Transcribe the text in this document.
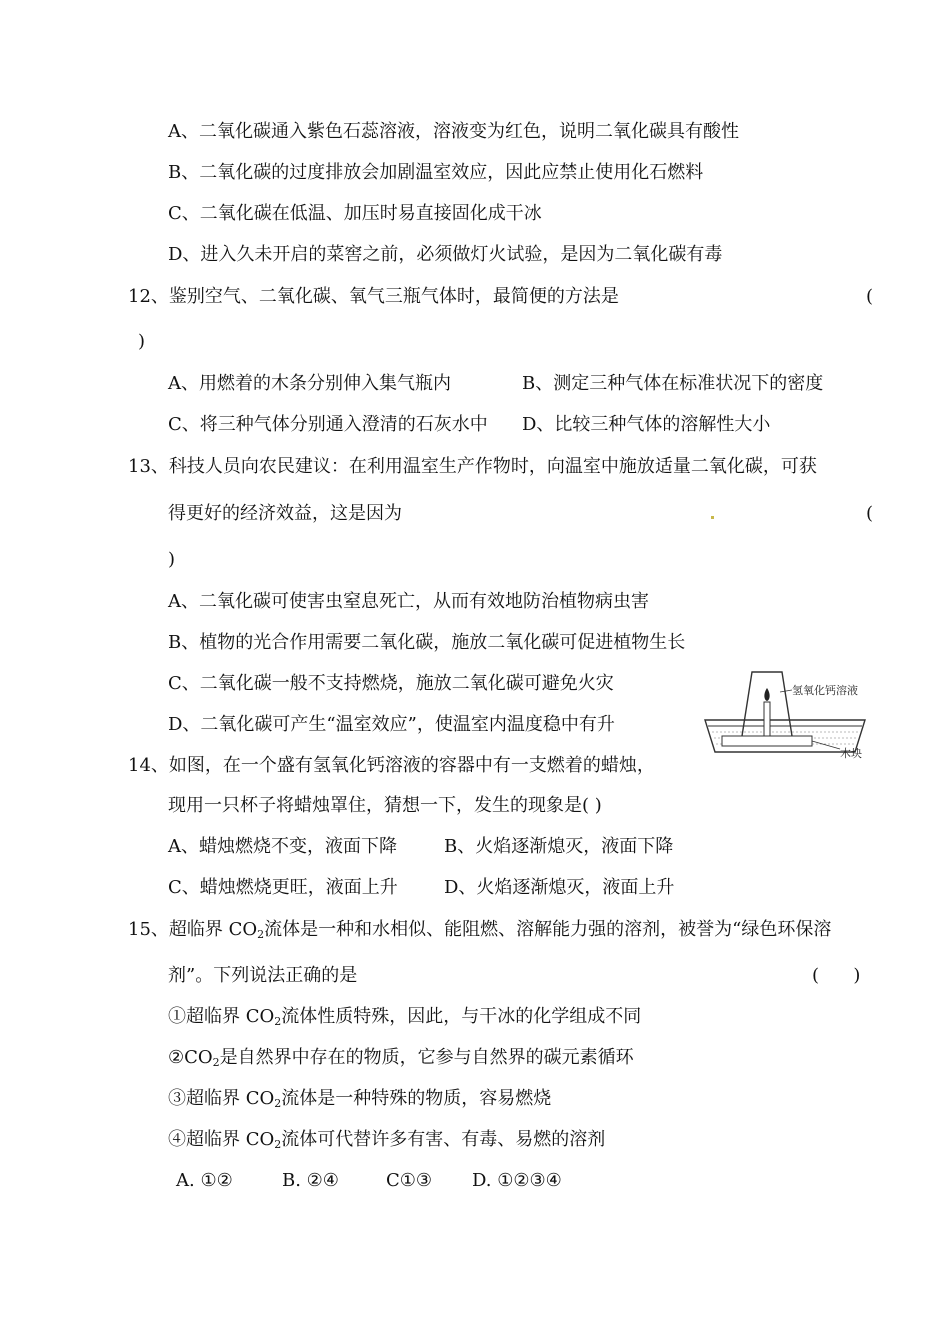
A、二氧化碳通入紫色石蕊溶液，溶液变为红色，说明二氧化碳具有酸性
B、二氧化碳的过度排放会加剧温室效应，因此应禁止使用化石燃料
C、二氧化碳在低温、加压时易直接固化成干冰
D、进入久未开启的菜窖之前，必须做灯火试验，是因为二氧化碳有毒
12、鉴别空气、二氧化碳、氧气三瓶气体时，最简便的方法是	(
)
A、用燃着的木条分别伸入集气瓶内	B、测定三种气体在标准状况下的密度
C、将三种气体分别通入澄清的石灰水中 D、比较三种气体的溶解性大小
13、科技人员向农民建议：在利用温室生产作物时，向温室中施放适量二氧化碳，可获
得更好的经济效益，这是因为	(
)
A、二氧化碳可使害虫窒息死亡，从而有效地防治植物病虫害
B、植物的光合作用需要二氧化碳，施放二氧化碳可促进植物生长
C、二氧化碳一般不支持燃烧，施放二氧化碳可避免火灾
D、二氧化碳可产生“温室效应”，使温室内温度稳中有升
氢氧化钙溶液
木块
14、如图，在一个盛有氢氧化钙溶液的容器中有一支燃着的蜡烛，
现用一只杯子将蜡烛罩住，猜想一下，发生的现象是( )
A、蜡烛燃烧不变，液面下降	B、火焰逐渐熄灭，液面下降
C、蜡烛燃烧更旺，液面上升	D、火焰逐渐熄灭，液面上升
15、超临界 $CO_2$流体是一种和水相似、能阻燃、溶解能力强的溶剂，被誉为“绿色环保溶
剂”。下列说法正确的是	(      )
①超临界 $CO_2$流体性质特殊，因此，与干冰的化学组成不同
$②CO_2$是自然界中存在的物质，它参与自然界的碳元素循环
③超临界 $CO_2$流体是一种特殊的物质，容易燃烧
④超临界 $CO_2$流体可代替许多有害、有毒、易燃的溶剂
A. ①②	B. ②④	C①③ D. ①②③④
